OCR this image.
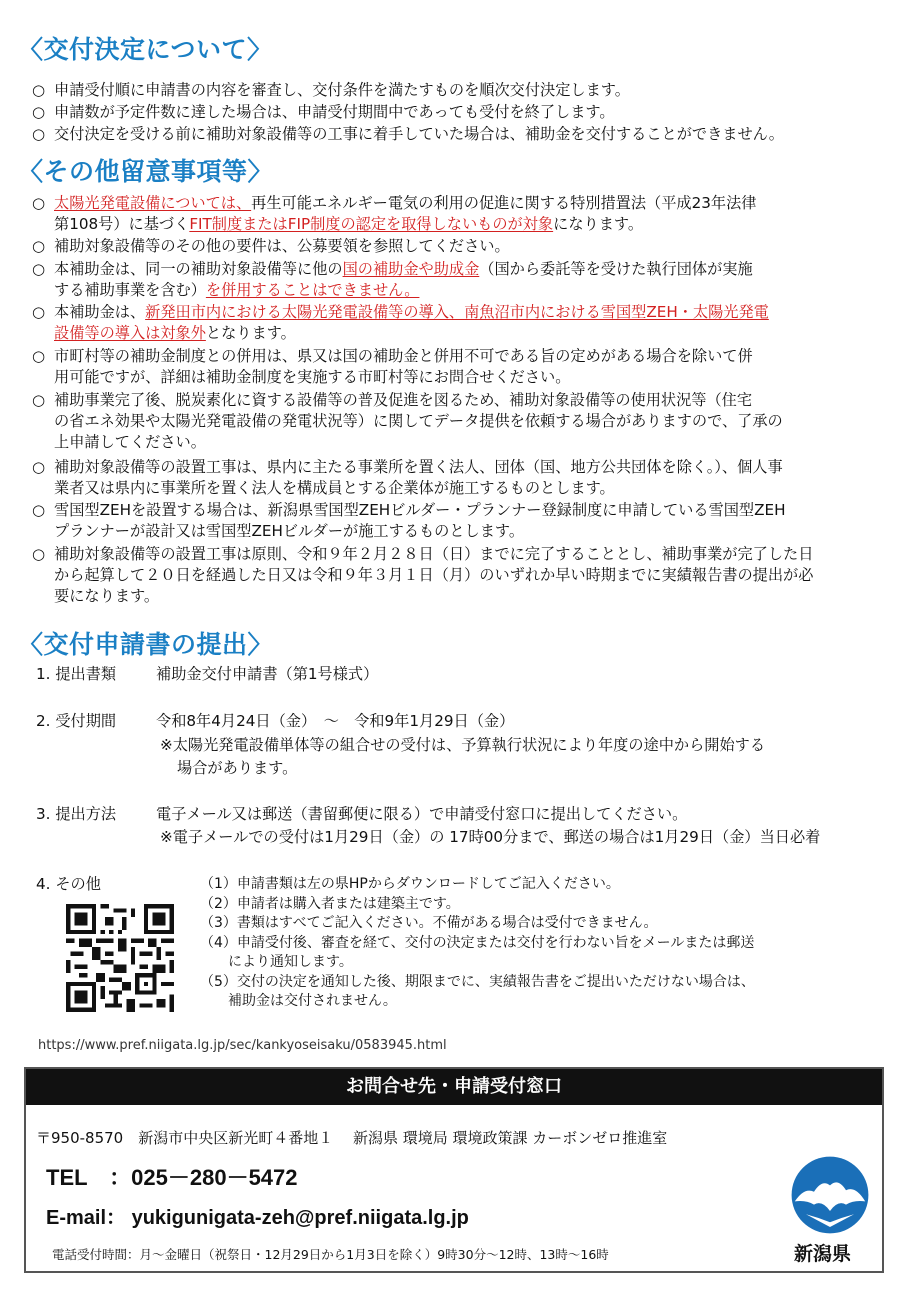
〈交付決定について〉
○ 申請受付順に申請書の内容を審査し、交付条件を満たすものを順次交付決定します。
○ 申請数が予定件数に達した場合は、申請受付期間中であっても受付を終了します。
○ 交付決定を受ける前に補助対象設備等の工事に着手していた場合は、補助金を交付することができません。
〈その他留意事項等〉
○ 太陽光発電設備については、再生可能エネルギー電気の利用の促進に関する特別措置法（平成23年法律
第108号）に基づくFIT制度またはFIP制度の認定を取得しないものが対象になります。
○ 補助対象設備等のその他の要件は、公募要領を参照してください。
○ 本補助金は、同一の補助対象設備等に他の国の補助金や助成金（国から委託等を受けた執行団体が実施
する補助事業を含む）を併用することはできません。
○ 本補助金は、新発田市内における太陽光発電設備等の導入、南魚沼市内における雪国型ZEH・太陽光発電
設備等の導入は対象外となります。
○ 市町村等の補助金制度との併用は、県又は国の補助金と併用不可である旨の定めがある場合を除いて併
用可能ですが、詳細は補助金制度を実施する市町村等にお問合せください。
○ 補助事業完了後、脱炭素化に資する設備等の普及促進を図るため、補助対象設備等の使用状況等（住宅
の省エネ効果や太陽光発電設備の発電状況等）に関してデータ提供を依頼する場合がありますので、了承の
上申請してください。
○ 補助対象設備等の設置工事は、県内に主たる事業所を置く法人、団体（国、地方公共団体を除く。）、個人事
業者又は県内に事業所を置く法人を構成員とする企業体が施工するものとします。
○ 雪国型ZEHを設置する場合は、新潟県雪国型ZEHビルダー・プランナー登録制度に申請している雪国型ZEH
プランナーが設計又は雪国型ZEHビルダーが施工するものとします。
○ 補助対象設備等の設置工事は原則、令和９年２月２８日（日）までに完了することとし、補助事業が完了した日
から起算して２０日を経過した日又は令和９年３月１日（月）のいずれか早い時期までに実績報告書の提出が必
要になります。
〈交付申請書の提出〉
1. 提出書類	補助金交付申請書（第1号様式）
2. 受付期間	令和8年4月24日（金）　～　令和9年1月29日（金）
※太陽光発電設備単体等の組合せの受付は、予算執行状況により年度の途中から開始する
場合があります。
3. 提出方法	電子メール又は郵送（書留郵便に限る）で申請受付窓口に提出してください。
※電子メールでの受付は1月29日（金）の 17時00分まで、郵送の場合は1月29日（金）当日必着
4. その他	（1）申請書類は左の県HPからダウンロードしてご記入ください。
（2）申請者は購入者または建築主です。
（3）書類はすべてご記入ください。不備がある場合は受付できません。
（4）申請受付後、審査を経て、交付の決定または交付を行わない旨をメールまたは郵送
　　により通知します。
（5）交付の決定を通知した後、期限までに、実績報告書をご提出いただけない場合は、
　　補助金は交付されません。
https://www.pref.niigata.lg.jp/sec/kankyoseisaku/0583945.html
お問合せ先・申請受付窓口
〒950-8570　新潟市中央区新光町４番地１　 新潟県 環境局 環境政策課 カーボンゼロ推進室
TEL　：025－280－5472
E-mail： yukigunigata-zeh@pref.niigata.lg.jp
電話受付時間：月～金曜日（祝祭日・12月29日から1月3日を除く）9時30分～12時、13時～16時	新潟県
